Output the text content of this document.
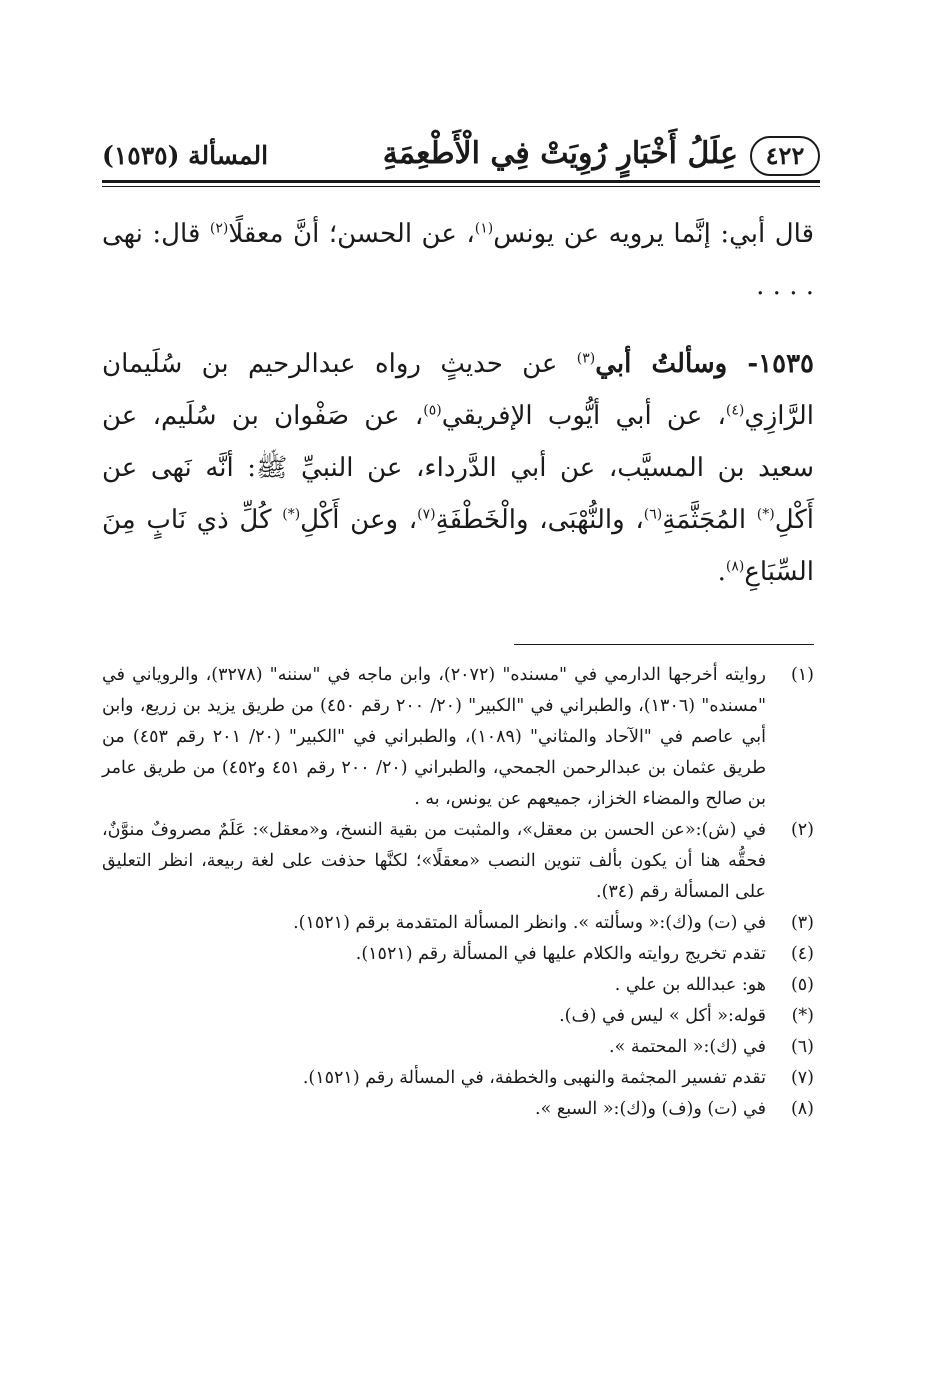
٤٢٢
عِلَلُ أَخْبَارٍ رُوِيَتْ فِي الْأَطْعِمَةِ
المسألة (١٥٣٥)

قال أبي: إنَّما يرويه عن يونس$^{(١)}$، عن الحسن؛ أنَّ معقلًا$^{(٢)}$ قال: نهى . . . .

١٥٣٥- وسألتُ أبي$^{(٣)}$ عن حديثٍ رواه عبدالرحيم بن سُلَيمان الرَّازِي$^{(٤)}$، عن أبي أيُّوب الإفريقي$^{(٥)}$، عن صَفْوان بن سُلَيم، عن سعيد بن المسيَّب، عن أبي الدَّرداء، عن النبيِّ ﷺ: أنَّه نَهى عن أَكْلِ(*) المُجَثَّمَةِ$^{(٦)}$، والنُّهْبَى، والْخَطْفَةِ$^{(٧)}$، وعن أَكْلِ(*) كُلِّ ذي نَابٍ مِنَ السِّبَاعِ$^{(٨)}$.

(١)
روايته أخرجها الدارمي في "مسنده" (٢٠٧٢)، وابن ماجه في "سننه" (٣٢٧٨)، والروياني في "مسنده" (١٣٠٦)، والطبراني في "الكبير" (٢٠/ ٢٠٠ رقم ٤٥٠) من طريق يزيد بن زريع، وابن أبي عاصم في "الآحاد والمثاني" (١٠٨٩)، والطبراني في "الكبير" (٢٠/ ٢٠١ رقم ٤٥٣) من طريق عثمان بن عبدالرحمن الجمحي، والطبراني (٢٠/ ٢٠٠ رقم ٤٥١ و٤٥٢) من طريق عامر بن صالح والمضاء الخزاز، جميعهم عن يونس، به .
(٢)
في (ش):«عن الحسن بن معقل»، والمثبت من بقية النسخ، و«معقل»: عَلَمٌ مصروفٌ منوَّنٌ، فحقُّه هنا أن يكون بألف تنوين النصب «معقلًا»؛ لكنَّها حذفت على لغة ربيعة، انظر التعليق على المسألة رقم (٣٤).
(٣)
في (ت) و(ك):« وسألته ». وانظر المسألة المتقدمة برقم (١٥٢١).
(٤)
تقدم تخريج روايته والكلام عليها في المسألة رقم (١٥٢١).
(٥)
هو: عبدالله بن علي .
(*)
قوله:« أكل » ليس في (ف).
(٦)
في (ك):« المحتمة ».
(٧)
تقدم تفسير المجثمة والنهبى والخطفة، في المسألة رقم (١٥٢١).
(٨)
في (ت) و(ف) و(ك):« السبع ».
